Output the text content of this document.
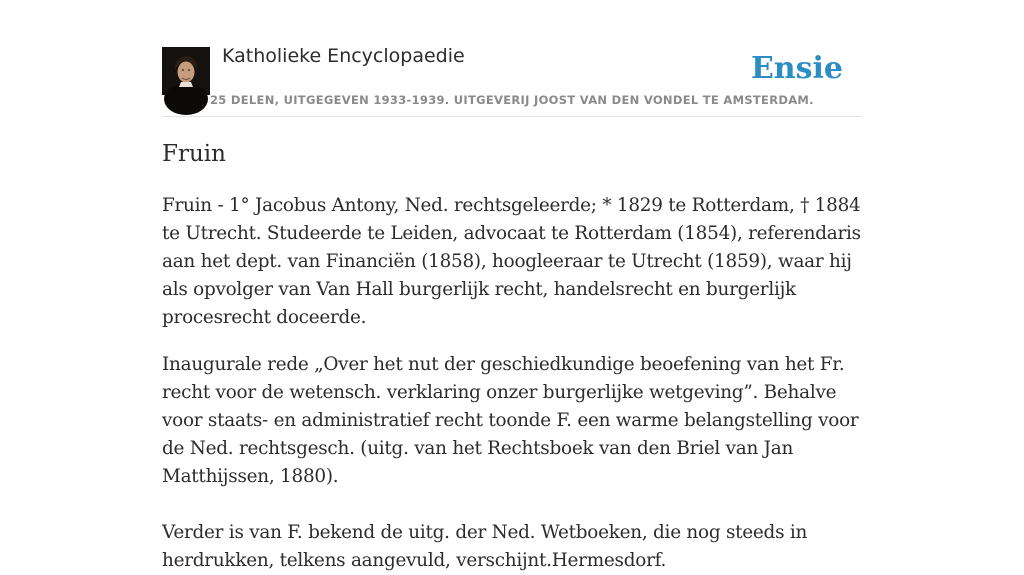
Katholieke Encyclopaedie
25 DELEN, UITGEGEVEN 1933-1939. UITGEVERIJ JOOST VAN DEN VONDEL TE AMSTERDAM.
Ensie
Fruin

Fruin - 1° Jacobus Antony, Ned. rechtsgeleerde; * 1829 te Rotterdam, † 1884 te Utrecht. Studeerde te Leiden, advocaat te Rotterdam (1854), referendaris aan het dept. van Financiën (1858), hoogleeraar te Utrecht (1859), waar hij als opvolger van Van Hall burgerlijk recht, handelsrecht en burgerlijk procesrecht doceerde.

Inaugurale rede „Over het nut der geschiedkundige beoefening van het Fr. recht voor de wetensch. verklaring onzer burgerlijke wetgeving”. Behalve voor staats- en administratief recht toonde F. een warme belangstelling voor de Ned. rechtsgesch. (uitg. van het Rechtsboek van den Briel van Jan Matthijssen, 1880).

Verder is van F. bekend de uitg. der Ned. Wetboeken, die nog steeds in herdrukken, telkens aangevuld, verschijnt.Hermesdorf.
